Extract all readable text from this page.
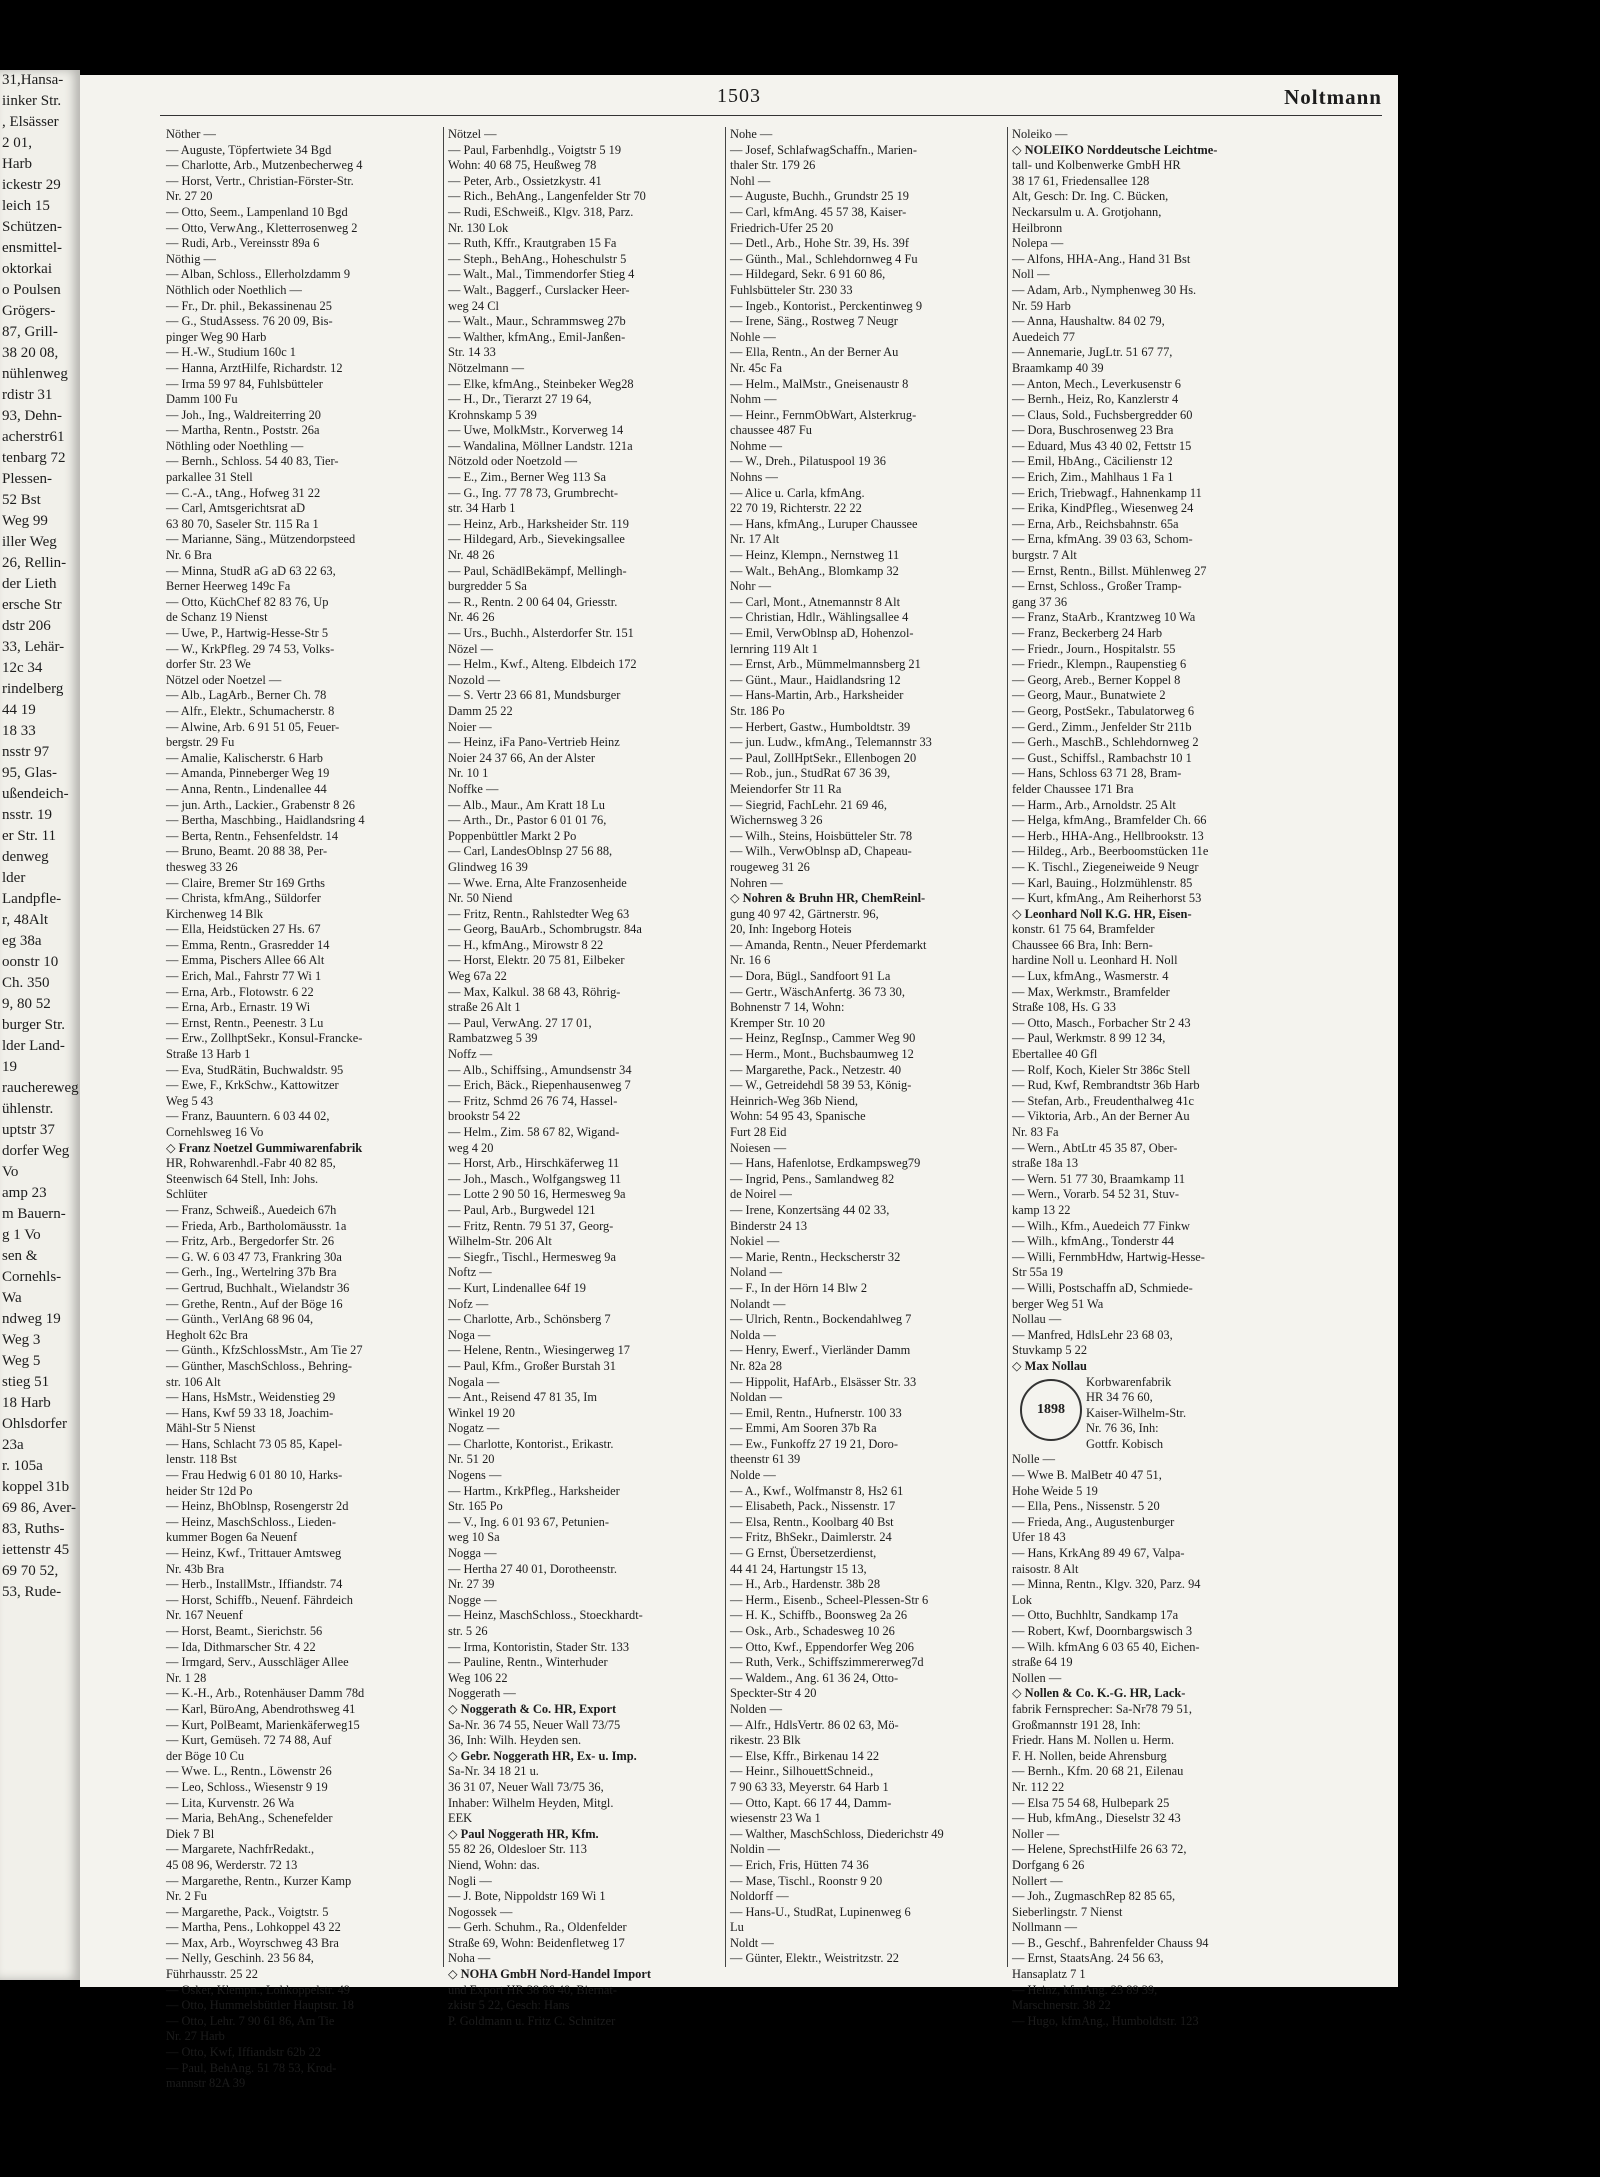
31,Hansa-
iinker Str.
, Elsässer
2 01,
Harb
ickestr 29
leich 15
Schützen-
ensmittel-
oktorkai
o Poulsen
Grögers-
87, Grill-
38 20 08,
nühlenweg
rdistr 31
93, Dehn-
acherstr61
tenbarg 72
Plessen-
52 Bst
Weg 99
iller Weg
26, Rellin-
der Lieth
ersche Str
dstr 206
33, Lehär-
12c 34
rindelberg
44 19
18 33
nsstr 97
95, Glas-
ußendeich-
nsstr. 19
er Str. 11
denweg
lder
Landpfle-
r, 48Alt
eg 38a
oonstr 10
Ch. 350
9, 80 52
burger Str.
lder Land-
19
rauchereweg
ühlenstr.
uptstr 37
dorfer Weg
Vo
amp 23
m Bauern-
g 1 Vo
sen &
Cornehls-
Wa
ndweg 19
Weg 3
Weg 5
stieg 51
18 Harb
Ohlsdorfer
23a
r. 105a
koppel 31b
69 86, Aver-
83, Ruths-
iettenstr 45
69 70 52,
53, Rude-
1503	Noltmann
Nöther —
— Auguste, Töpfertwiete 34 Bgd
— Charlotte, Arb., Mutzenbecherweg 4
— Horst, Vertr., Christian-Förster-Str.
Nr. 27 20
— Otto, Seem., Lampenland 10 Bgd
— Otto, VerwAng., Kletterrosenweg 2
— Rudi, Arb., Vereinsstr 89a 6
Nöthig —
— Alban, Schloss., Ellerholzdamm 9
Nöthlich oder Noethlich —
— Fr., Dr. phil., Bekassinenau 25
— G., StudAssess. 76 20 09, Bis-
pinger Weg 90 Harb
— H.-W., Studium 160c 1
— Hanna, ArztHilfe, Richardstr. 12
— Irma 59 97 84, Fuhlsbütteler
Damm 100 Fu
— Joh., Ing., Waldreiterring 20
— Martha, Rentn., Poststr. 26a
Nöthling oder Noethling —
— Bernh., Schloss. 54 40 83, Tier-
parkallee 31 Stell
— C.-A., tAng., Hofweg 31 22
— Carl, Amtsgerichtsrat aD
63 80 70, Saseler Str. 115 Ra 1
— Marianne, Säng., Mützendorpsteed
Nr. 6 Bra
— Minna, StudR aG aD 63 22 63,
Berner Heerweg 149c Fa
— Otto, KüchChef 82 83 76, Up
de Schanz 19 Nienst
— Uwe, P., Hartwig-Hesse-Str 5
— W., KrkPfleg. 29 74 53, Volks-
dorfer Str. 23 We
Nötzel oder Noetzel —
— Alb., LagArb., Berner Ch. 78
— Alfr., Elektr., Schumacherstr. 8
— Alwine, Arb. 6 91 51 05, Feuer-
bergstr. 29 Fu
— Amalie, Kalischerstr. 6 Harb
— Amanda, Pinneberger Weg 19
— Anna, Rentn., Lindenallee 44
— jun. Arth., Lackier., Grabenstr 8 26
— Bertha, Maschbing., Haidlandsring 4
— Berta, Rentn., Fehsenfeldstr. 14
— Bruno, Beamt. 20 88 38, Per-
thesweg 33 26
— Claire, Bremer Str 169 Grths
— Christa, kfmAng., Süldorfer
Kirchenweg 14 Blk
— Ella, Heidstücken 27 Hs. 67
— Emma, Rentn., Grasredder 14
— Emma, Pischers Allee 66 Alt
— Erich, Mal., Fahrstr 77 Wi 1
— Erna, Arb., Flotowstr. 6 22
— Erna, Arb., Ernastr. 19 Wi
— Ernst, Rentn., Peenestr. 3 Lu
— Erw., ZollhptSekr., Konsul-Francke-
Straße 13 Harb 1
— Eva, StudRätin, Buchwaldstr. 95
— Ewe, F., KrkSchw., Kattowitzer
Weg 5 43
— Franz, Bauuntern. 6 03 44 02,
Cornehlsweg 16 Vo
◇ Franz Noetzel Gummiwarenfabrik
HR, Rohwarenhdl.-Fabr 40 82 85,
Steenwisch 64 Stell, Inh: Johs.
Schlüter
— Franz, Schweiß., Auedeich 67h
— Frieda, Arb., Bartholomäusstr. 1a
— Fritz, Arb., Bergedorfer Str. 26
— G. W. 6 03 47 73, Frankring 30a
— Gerh., Ing., Wertelring 37b Bra
— Gertrud, Buchhalt., Wielandstr 36
— Grethe, Rentn., Auf der Böge 16
— Günth., VerlAng 68 96 04,
Hegholt 62c Bra
— Günth., KfzSchlossMstr., Am Tie 27
— Günther, MaschSchloss., Behring-
str. 106 Alt
— Hans, HsMstr., Weidenstieg 29
— Hans, Kwf 59 33 18, Joachim-
Mähl-Str 5 Nienst
— Hans, Schlacht 73 05 85, Kapel-
lenstr. 118 Bst
— Frau Hedwig 6 01 80 10, Harks-
heider Str 12d Po
— Heinz, BhOblnsp, Rosengerstr 2d
— Heinz, MaschSchloss., Lieden-
kummer Bogen 6a Neuenf
— Heinz, Kwf., Trittauer Amtsweg
Nr. 43b Bra
— Herb., InstallMstr., Iffiandstr. 74
— Horst, Schiffb., Neuenf. Fährdeich
Nr. 167 Neuenf
— Horst, Beamt., Sierichstr. 56
— Ida, Dithmarscher Str. 4 22
— Irmgard, Serv., Ausschläger Allee
Nr. 1 28
— K.-H., Arb., Rotenhäuser Damm 78d
— Karl, BüroAng, Abendrothsweg 41
— Kurt, PolBeamt, Marienkäferweg15
— Kurt, Gemüseh. 72 74 88, Auf
der Böge 10 Cu
— Wwe. L., Rentn., Löwenstr 26
— Leo, Schloss., Wiesenstr 9 19
— Lita, Kurvenstr. 26 Wa
— Maria, BehAng., Schenefelder
Diek 7 Bl
— Margarete, NachfrRedakt.,
45 08 96, Werderstr. 72 13
— Margarethe, Rentn., Kurzer Kamp
Nr. 2 Fu
— Margarethe, Pack., Voigtstr. 5
— Martha, Pens., Lohkoppel 43 22
— Max, Arb., Woyrschweg 43 Bra
— Nelly, Geschinh. 23 56 84,
Führhausstr. 25 22
— Osker, Klempn., Lohkoppelstr. 49
— Otto, Hummelsbüttler Hauptstr. 18
— Otto, Lehr. 7 90 61 86, Am Tie
Nr. 27 Harb
— Otto, Kwf, Iffiandstr 62b 22
— Paul, BehAng. 51 78 53, Krod-
mannstr 82A 39
Nötzel —
— Paul, Farbenhdlg., Voigtstr 5 19
Wohn: 40 68 75, Heußweg 78
— Peter, Arb., Ossietzkystr. 41
— Rich., BehAng., Langenfelder Str 70
— Rudi, ESchweiß., Klgv. 318, Parz.
Nr. 130 Lok
— Ruth, Kffr., Krautgraben 15 Fa
— Steph., BehAng., Hoheschulstr 5
— Walt., Mal., Timmendorfer Stieg 4
— Walt., Baggerf., Curslacker Heer-
weg 24 Cl
— Walt., Maur., Schrammsweg 27b
— Walther, kfmAng., Emil-Janßen-
Str. 14 33
Nötzelmann —
— Elke, kfmAng., Steinbeker Weg28
— H., Dr., Tierarzt 27 19 64,
Krohnskamp 5 39
— Uwe, MolkMstr., Korverweg 14
— Wandalina, Möllner Landstr. 121a
Nötzold oder Noetzold —
— E., Zim., Berner Weg 113 Sa
— G., Ing. 77 78 73, Grumbrecht-
str. 34 Harb 1
— Heinz, Arb., Harksheider Str. 119
— Hildegard, Arb., Sievekingsallee
Nr. 48 26
— Paul, SchädlBekämpf, Mellingh-
burgredder 5 Sa
— R., Rentn. 2 00 64 04, Griesstr.
Nr. 46 26
— Urs., Buchh., Alsterdorfer Str. 151
Nözel —
— Helm., Kwf., Alteng. Elbdeich 172
Nozold —
— S. Vertr 23 66 81, Mundsburger
Damm 25 22
Noier —
— Heinz, iFa Pano-Vertrieb Heinz
Noier 24 37 66, An der Alster
Nr. 10 1
Noffke —
— Alb., Maur., Am Kratt 18 Lu
— Arth., Dr., Pastor 6 01 01 76,
Poppenbüttler Markt 2 Po
— Carl, LandesOblnsp 27 56 88,
Glindweg 16 39
— Wwe. Erna, Alte Franzosenheide
Nr. 50 Niend
— Fritz, Rentn., Rahlstedter Weg 63
— Georg, BauArb., Schombrugstr. 84a
— H., kfmAng., Mirowstr 8 22
— Horst, Elektr. 20 75 81, Eilbeker
Weg 67a 22
— Max, Kalkul. 38 68 43, Röhrig-
straße 26 Alt 1
— Paul, VerwAng. 27 17 01,
Rambatzweg 5 39
Noffz —
— Alb., Schiffsing., Amundsenstr 34
— Erich, Bäck., Riepenhausenweg 7
— Fritz, Schmd 26 76 74, Hassel-
brookstr 54 22
— Helm., Zim. 58 67 82, Wigand-
weg 4 20
— Horst, Arb., Hirschkäferweg 11
— Joh., Masch., Wolfgangsweg 11
— Lotte 2 90 50 16, Hermesweg 9a
— Paul, Arb., Burgwedel 121
— Fritz, Rentn. 79 51 37, Georg-
Wilhelm-Str. 206 Alt
— Siegfr., Tischl., Hermesweg 9a
Noftz —
— Kurt, Lindenallee 64f 19
Nofz —
— Charlotte, Arb., Schönsberg 7
Noga —
— Helene, Rentn., Wiesingerweg 17
— Paul, Kfm., Großer Burstah 31
Nogala —
— Ant., Reisend 47 81 35, Im
Winkel 19 20
Nogatz —
— Charlotte, Kontorist., Erikastr.
Nr. 51 20
Nogens —
— Hartm., KrkPfleg., Harksheider
Str. 165 Po
— V., Ing. 6 01 93 67, Petunien-
weg 10 Sa
Nogga —
— Hertha 27 40 01, Dorotheenstr.
Nr. 27 39
Nogge —
— Heinz, MaschSchloss., Stoeckhardt-
str. 5 26
— Irma, Kontoristin, Stader Str. 133
— Pauline, Rentn., Winterhuder
Weg 106 22
Noggerath —
◇ Noggerath & Co. HR, Export
Sa-Nr. 36 74 55, Neuer Wall 73/75
36, Inh: Wilh. Heyden sen.
◇ Gebr. Noggerath HR, Ex- u. Imp.
Sa-Nr. 34 18 21 u.
36 31 07, Neuer Wall 73/75 36,
Inhaber: Wilhelm Heyden, Mitgl.
EEK
◇ Paul Noggerath HR, Kfm.
55 82 26, Oldesloer Str. 113
Niend, Wohn: das.
Nogli —
— J. Bote, Nippoldstr 169 Wi 1
Nogossek —
— Gerh. Schuhm., Ra., Oldenfelder
Straße 69, Wohn: Beidenfletweg 17
Noha —
◇ NOHA GmbH Nord-Handel Import
und Export HR 38 86 40, Biernat-
zkistr 5 22, Gesch: Hans
P. Goldmann u. Fritz C. Schnitzer
Nohe —
— Josef, SchlafwagSchaffn., Marien-
thaler Str. 179 26
Nohl —
— Auguste, Buchh., Grundstr 25 19
— Carl, kfmAng. 45 57 38, Kaiser-
Friedrich-Ufer 25 20
— Detl., Arb., Hohe Str. 39, Hs. 39f
— Günth., Mal., Schlehdornweg 4 Fu
— Hildegard, Sekr. 6 91 60 86,
Fuhlsbütteler Str. 230 33
— Ingeb., Kontorist., Perckentinweg 9
— Irene, Säng., Rostweg 7 Neugr
Nohle —
— Ella, Rentn., An der Berner Au
Nr. 45c Fa
— Helm., MalMstr., Gneisenaustr 8
Nohm —
— Heinr., FernmObWart, Alsterkrug-
chaussee 487 Fu
Nohme —
— W., Dreh., Pilatuspool 19 36
Nohns —
— Alice u. Carla, kfmAng.
22 70 19, Richterstr. 22 22
— Hans, kfmAng., Luruper Chaussee
Nr. 17 Alt
— Heinz, Klempn., Nernstweg 11
— Walt., BehAng., Blomkamp 32
Nohr —
— Carl, Mont., Atnemannstr 8 Alt
— Christian, Hdlr., Wählingsallee 4
— Emil, VerwOblnsp aD, Hohenzol-
lernring 119 Alt 1
— Ernst, Arb., Mümmelmannsberg 21
— Günt., Maur., Haidlandsring 12
— Hans-Martin, Arb., Harksheider
Str. 186 Po
— Herbert, Gastw., Humboldtstr. 39
— jun. Ludw., kfmAng., Telemannstr 33
— Paul, ZollHptSekr., Ellenbogen 20
— Rob., jun., StudRat 67 36 39,
Meiendorfer Str 11 Ra
— Siegrid, FachLehr. 21 69 46,
Wichernsweg 3 26
— Wilh., Steins, Hoisbütteler Str. 78
— Wilh., VerwOblnsp aD, Chapeau-
rougeweg 31 26
Nohren —
◇ Nohren & Bruhn HR, ChemReinl-
gung 40 97 42, Gärtnerstr. 96,
20, Inh: Ingeborg Hoteis
— Amanda, Rentn., Neuer Pferdemarkt
Nr. 16 6
— Dora, Bügl., Sandfoort 91 La
— Gertr., WäschAnfertg. 36 73 30,
Bohnenstr 7 14, Wohn:
Kremper Str. 10 20
— Heinz, RegInsp., Cammer Weg 90
— Herm., Mont., Buchsbaumweg 12
— Margarethe, Pack., Netzestr. 40
— W., Getreidehdl 58 39 53, König-
Heinrich-Weg 36b Niend,
Wohn: 54 95 43, Spanische
Furt 28 Eid
Noiesen —
— Hans, Hafenlotse, Erdkampsweg79
— Ingrid, Pens., Samlandweg 82
de Noirel —
— Irene, Konzertsäng 44 02 33,
Binderstr 24 13
Nokiel —
— Marie, Rentn., Heckscherstr 32
Noland —
— F., In der Hörn 14 Blw 2
Nolandt —
— Ulrich, Rentn., Bockendahlweg 7
Nolda —
— Henry, Ewerf., Vierländer Damm
Nr. 82a 28
— Hippolit, HafArb., Elsässer Str. 33
Noldan —
— Emil, Rentn., Hufnerstr. 100 33
— Emmi, Am Sooren 37b Ra
— Ew., Funkoffz 27 19 21, Doro-
theenstr 61 39
Nolde —
— A., Kwf., Wolfmanstr 8, Hs2 61
— Elisabeth, Pack., Nissenstr. 17
— Elsa, Rentn., Koolbarg 40 Bst
— Fritz, BhSekr., Daimlerstr. 24
— G Ernst, Übersetzerdienst,
44 41 24, Hartungstr 15 13,
— H., Arb., Hardenstr. 38b 28
— Herm., Eisenb., Scheel-Plessen-Str 6
— H. K., Schiffb., Boonsweg 2a 26
— Osk., Arb., Schadesweg 10 26
— Otto, Kwf., Eppendorfer Weg 206
— Ruth, Verk., Schiffszimmererweg7d
— Waldem., Ang. 61 36 24, Otto-
Speckter-Str 4 20
Nolden —
— Alfr., HdlsVertr. 86 02 63, Mö-
rikestr. 23 Blk
— Else, Kffr., Birkenau 14 22
— Heinr., SilhouettSchneid.,
7 90 63 33, Meyerstr. 64 Harb 1
— Otto, Kapt. 66 17 44, Damm-
wiesenstr 23 Wa 1
— Walther, MaschSchloss, Diederichstr 49
Noldin —
— Erich, Fris, Hütten 74 36
— Mase, Tischl., Roonstr 9 20
Noldorff —
— Hans-U., StudRat, Lupinenweg 6
Lu
Noldt —
— Günter, Elektr., Weistritzstr. 22
Noleiko —
◇ NOLEIKO Norddeutsche Leichtme-
tall- und Kolbenwerke GmbH HR
38 17 61, Friedensallee 128
Alt, Gesch: Dr. Ing. C. Bücken,
Neckarsulm u. A. Grotjohann,
Heilbronn
Nolepa —
— Alfons, HHA-Ang., Hand 31 Bst
Noll —
— Adam, Arb., Nymphenweg 30 Hs.
Nr. 59 Harb
— Anna, Haushaltw. 84 02 79,
Auedeich 77
— Annemarie, JugLtr. 51 67 77,
Braamkamp 40 39
— Anton, Mech., Leverkusenstr 6
— Bernh., Heiz, Ro, Kanzlerstr 4
— Claus, Sold., Fuchsbergredder 60
— Dora, Buschrosenweg 23 Bra
— Eduard, Mus 43 40 02, Fettstr 15
— Emil, HbAng., Cäcilienstr 12
— Erich, Zim., Mahlhaus 1 Fa 1
— Erich, Triebwagf., Hahnenkamp 11
— Erika, KindPfleg., Wiesenweg 24
— Erna, Arb., Reichsbahnstr. 65a
— Erna, kfmAng. 39 03 63, Schom-
burgstr. 7 Alt
— Ernst, Rentn., Billst. Mühlenweg 27
— Ernst, Schloss., Großer Tramp-
gang 37 36
— Franz, StaArb., Krantzweg 10 Wa
— Franz, Beckerberg 24 Harb
— Friedr., Journ., Hospitalstr. 55
— Friedr., Klempn., Raupenstieg 6
— Georg, Areb., Berner Koppel 8
— Georg, Maur., Bunatwiete 2
— Georg, PostSekr., Tabulatorweg 6
— Gerd., Zimm., Jenfelder Str 211b
— Gerh., MaschB., Schlehdornweg 2
— Gust., Schiffsl., Rambachstr 10 1
— Hans, Schloss 63 71 28, Bram-
felder Chaussee 171 Bra
— Harm., Arb., Arnoldstr. 25 Alt
— Helga, kfmAng., Bramfelder Ch. 66
— Herb., HHA-Ang., Hellbrookstr. 13
— Hildeg., Arb., Beerboomstücken 11e
— K. Tischl., Ziegeneiweide 9 Neugr
— Karl, Bauing., Holzmühlenstr. 85
— Kurt, kfmAng., Am Reiherhorst 53
◇ Leonhard Noll K.G. HR, Eisen-
konstr. 61 75 64, Bramfelder
Chaussee 66 Bra, Inh: Bern-
hardine Noll u. Leonhard H. Noll
— Lux, kfmAng., Wasmerstr. 4
— Max, Werkmstr., Bramfelder
Straße 108, Hs. G 33
— Otto, Masch., Forbacher Str 2 43
— Paul, Werkmstr. 8 99 12 34,
Ebertallee 40 Gfl
— Rolf, Koch, Kieler Str 386c Stell
— Rud, Kwf, Rembrandtstr 36b Harb
— Stefan, Arb., Freudenthalweg 41c
— Viktoria, Arb., An der Berner Au
Nr. 83 Fa
— Wern., AbtLtr 45 35 87, Ober-
straße 18a 13
— Wern. 51 77 30, Braamkamp 11
— Wern., Vorarb. 54 52 31, Stuv-
kamp 13 22
— Wilh., Kfm., Auedeich 77 Finkw
— Wilh., kfmAng., Tonderstr 44
— Willi, FernmbHdw, Hartwig-Hesse-
Str 55a 19
— Willi, Postschaffn aD, Schmiede-
berger Weg 51 Wa
Nollau —
— Manfred, HdlsLehr 23 68 03,
Stuvkamp 5 22
◇ Max Nollau
1898
Korbwarenfabrik
HR 34 76 60,
Kaiser-Wilhelm-Str.
Nr. 76 36, Inh:
Gottfr. Kobisch
Nolle —
— Wwe B. MalBetr 40 47 51,
Hohe Weide 5 19
— Ella, Pens., Nissenstr. 5 20
— Frieda, Ang., Augustenburger
Ufer 18 43
— Hans, KrkAng 89 49 67, Valpa-
raisostr. 8 Alt
— Minna, Rentn., Klgv. 320, Parz. 94
Lok
— Otto, Buchhltr, Sandkamp 17a
— Robert, Kwf, Doornbargswisch 3
— Wilh. kfmAng 6 03 65 40, Eichen-
straße 64 19
Nollen —
◇ Nollen & Co. K.-G. HR, Lack-
fabrik Fernsprecher: Sa-Nr78 79 51,
Großmannstr 191 28, Inh:
Friedr. Hans M. Nollen u. Herm.
F. H. Nollen, beide Ahrensburg
— Bernh., Kfm. 20 68 21, Eilenau
Nr. 112 22
— Elsa 75 54 68, Hulbepark 25
— Hub, kfmAng., Dieselstr 32 43
Noller —
— Helene, SprechstHilfe 26 63 72,
Dorfgang 6 26
Nollert —
— Joh., ZugmaschRep 82 85 65,
Sieberlingstr. 7 Nienst
Nollmann —
— B., Geschf., Bahrenfelder Chauss 94
— Ernst, StaatsAng. 24 56 63,
Hansaplatz 7 1
— Heinz, kfmAng. 23 89 39,
Marschnerstr. 38 22
— Hugo, kfmAng., Humboldtstr. 123
